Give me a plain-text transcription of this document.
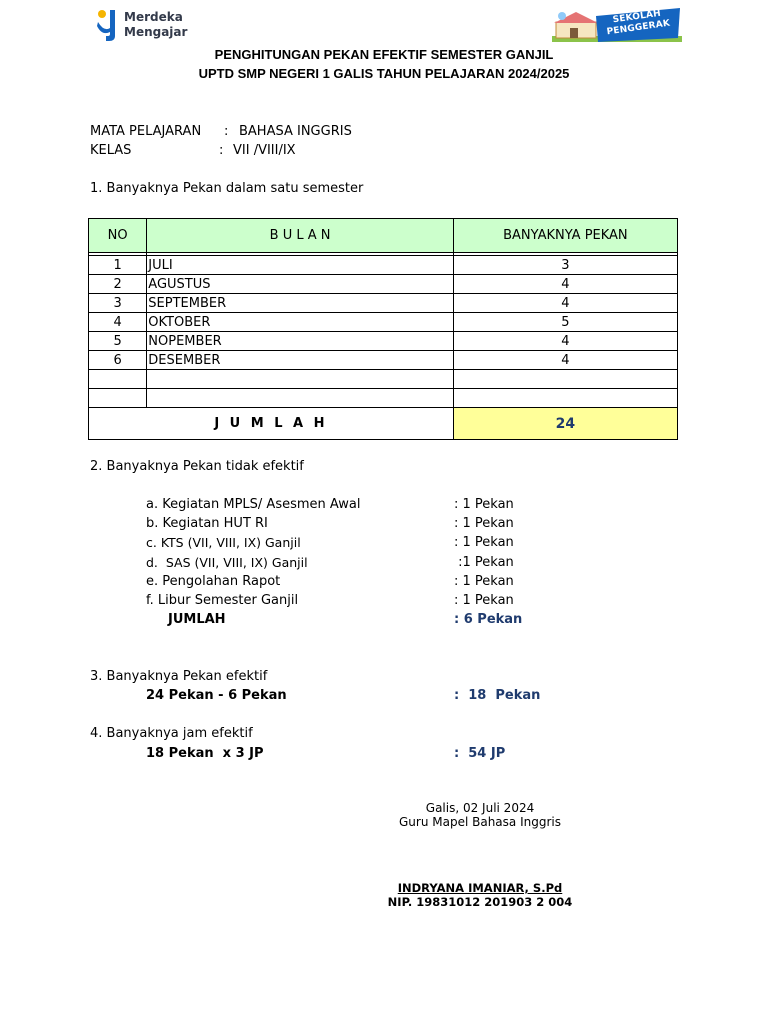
Merdeka
Mengajar
SEKOLAH PENGGERAK
PENGHITUNGAN PEKAN EFEKTIF SEMESTER GANJIL
UPTD SMP NEGERI 1 GALIS TAHUN PELAJARAN 2024/2025
MATA PELAJARAN : BAHASA INGGRIS
KELAS	: VII /VIII/IX
1. Banyaknya Pekan dalam satu semester
NO	B U L A N	BANYAKNYA PEKAN

1	JULI	3
2	AGUSTUS	4
3	SEPTEMBER	4
4	OKTOBER	5
5	NOPEMBER	4
6	DESEMBER	4

J U M L A H		24
2. Banyaknya Pekan tidak efektif
a. Kegiatan MPLS/ Asesmen Awal	: 1 Pekan
b. Kegiatan HUT RI	: 1 Pekan
c. KTS (VII, VIII, IX) Ganjil	: 1 Pekan
d.  SAS (VII, VIII, IX) Ganjil	:1 Pekan
e. Pengolahan Rapot	: 1 Pekan
f. Libur Semester Ganjil	: 1 Pekan
JUMLAH	: 6 Pekan
3. Banyaknya Pekan efektif
24 Pekan - 6 Pekan	:  18  Pekan
4. Banyaknya jam efektif
18 Pekan  x 3 JP	:  54 JP
Galis, 02 Juli 2024
Guru Mapel Bahasa Inggris
INDRYANA IMANIAR, S.Pd
NIP. 19831012 201903 2 004
